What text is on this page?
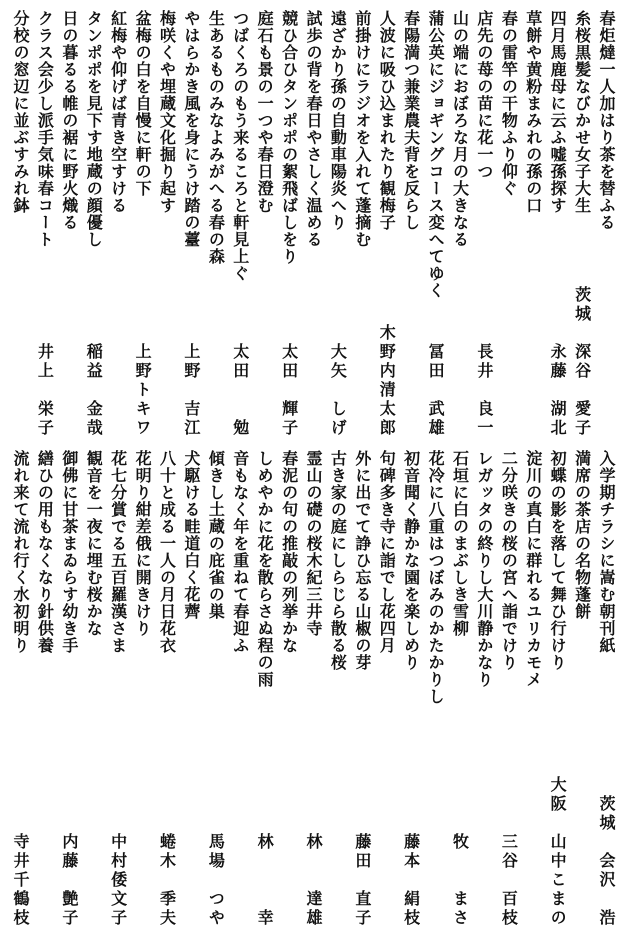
春炬燵一人加はり茶を替ふる
糸桜黒髪なびかせ女子大生
茨城　深谷　愛子
四月馬鹿母に云ふ嘘孫探す
永藤　湖北
草餅や黄粉まみれの孫の口
春の雷竿の干物ふり仰ぐ
店先の苺の苗に花一つ
長井　良一
山の端におぼろな月の大きなる
蒲公英にジョギングコース変へてゆく
冨田　武雄
春陽満つ兼業農夫背を反らし
人波に吸ひ込まれたり観梅子
木野内清太郎
前掛けにラジオを入れて蓬摘む
遠ざかり孫の自動車陽炎へり
大矢　しげ
試歩の背を春日やさしく温める
競ひ合ひタンポポの絮飛ばしをり
太田　輝子
庭石も景の一つや春日澄む
つばくろのもう来るころと軒見上ぐ
太田　　勉
生あるものみなよみがへる春の森
やはらかき風を身にうけ踏の薹
上野　吉江
梅咲くや埋蔵文化掘り起す
盆梅の白を自慢に軒の下
上野トキワ
紅梅や仰げば青き空すける
タンポポを見下す地蔵の顔優し
稲益　金哉
日の暮るる帷の裾に野火熾る
クラス会少し派手気味春コート
井上　栄子
分校の窓辺に並ぶすみれ鉢
入学期チラシに嵩む朝刊紙
茨城　会沢　浩
満席の茶店の名物蓬餅
初蝶の影を落して舞ひ行けり
大阪　山中こまの
淀川の真白に群れるユリカモメ
二分咲きの桜の宮へ詣でけり
三谷　百枝
レガッタの終りし大川静かなり
石垣に白のまぶしき雪柳
牧　　まさ
花冷に八重はつぼみのかたかりし
初音聞く静かな園を楽しめり
藤本　絹枝
句碑多き寺に詣でし花四月
外に出でて諍ひ忘る山椒の芽
藤田　直子
古き家の庭にしらじら散る桜
霊山の礎の桜木紀三井寺
林　　達雄
春泥の句の推敲の列挙かな
しめやかに花を散らさぬ程の雨
林　　　幸
音もなく年を重ねて春迎ふ
傾きし土蔵の庇雀の巣
馬場　つや
犬駆ける畦道白く花薺
八十と成る一人の月日花衣
蜷木　季夫
花明り紺差俄に開きけり
花七分賞でる五百羅漢さま
中村倭文子
観音を一夜に埋む桜かな
御佛に甘茶まゐらす幼き手
内藤　艶子
繕ひの用もなくなり針供養
流れ来て流れ行く水初明り
寺井千鶴枝
